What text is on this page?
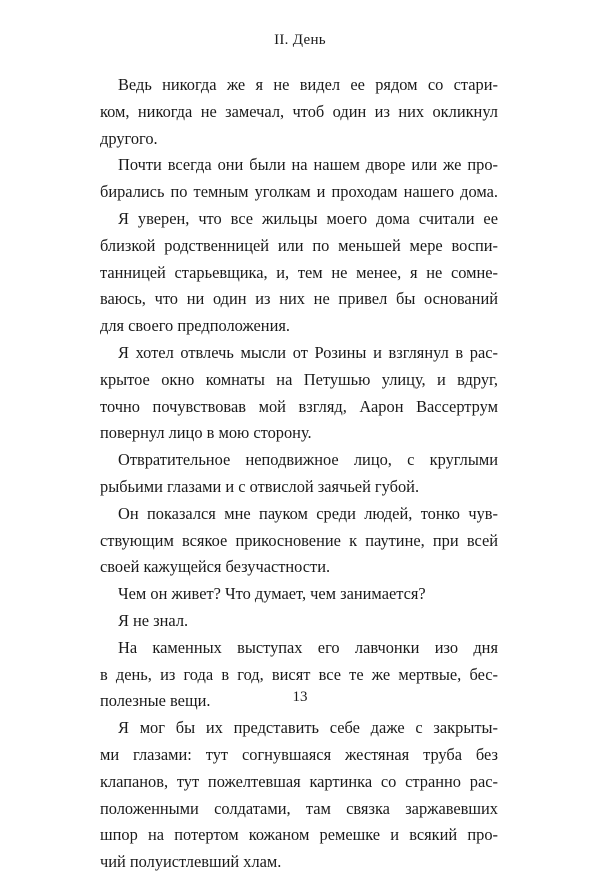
II. День
Ведь никогда же я не видел ее рядом со стари-
ком, никогда не замечал, чтоб один из них окликнул
другого.
Почти всегда они были на нашем дворе или же про-
бирались по темным уголкам и проходам нашего дома.
Я уверен, что все жильцы моего дома считали ее
близкой родственницей или по меньшей мере воспи-
танницей старьевщика, и, тем не менее, я не сомне-
ваюсь, что ни один из них не привел бы оснований
для своего предположения.
Я хотел отвлечь мысли от Розины и взглянул в рас-
крытое окно комнаты на Петушью улицу, и вдруг,
точно почувствовав мой взгляд, Аарон Вассертрум
повернул лицо в мою сторону.
Отвратительное неподвижное лицо, с круглыми
рыбьими глазами и с отвислой заячьей губой.
Он показался мне пауком среди людей, тонко чув-
ствующим всякое прикосновение к паутине, при всей
своей кажущейся безучастности.
Чем он живет? Что думает, чем занимается?
Я не знал.
На каменных выступах его лавчонки изо дня
в день, из года в год, висят все те же мертвые, бес-
полезные вещи.
Я мог бы их представить себе даже с закрыты-
ми глазами: тут согнувшаяся жестяная труба без
клапанов, тут пожелтевшая картинка со странно рас-
положенными солдатами, там связка заржавевших
шпор на потертом кожаном ремешке и всякий про-
чий полуистлевший хлам.
13
